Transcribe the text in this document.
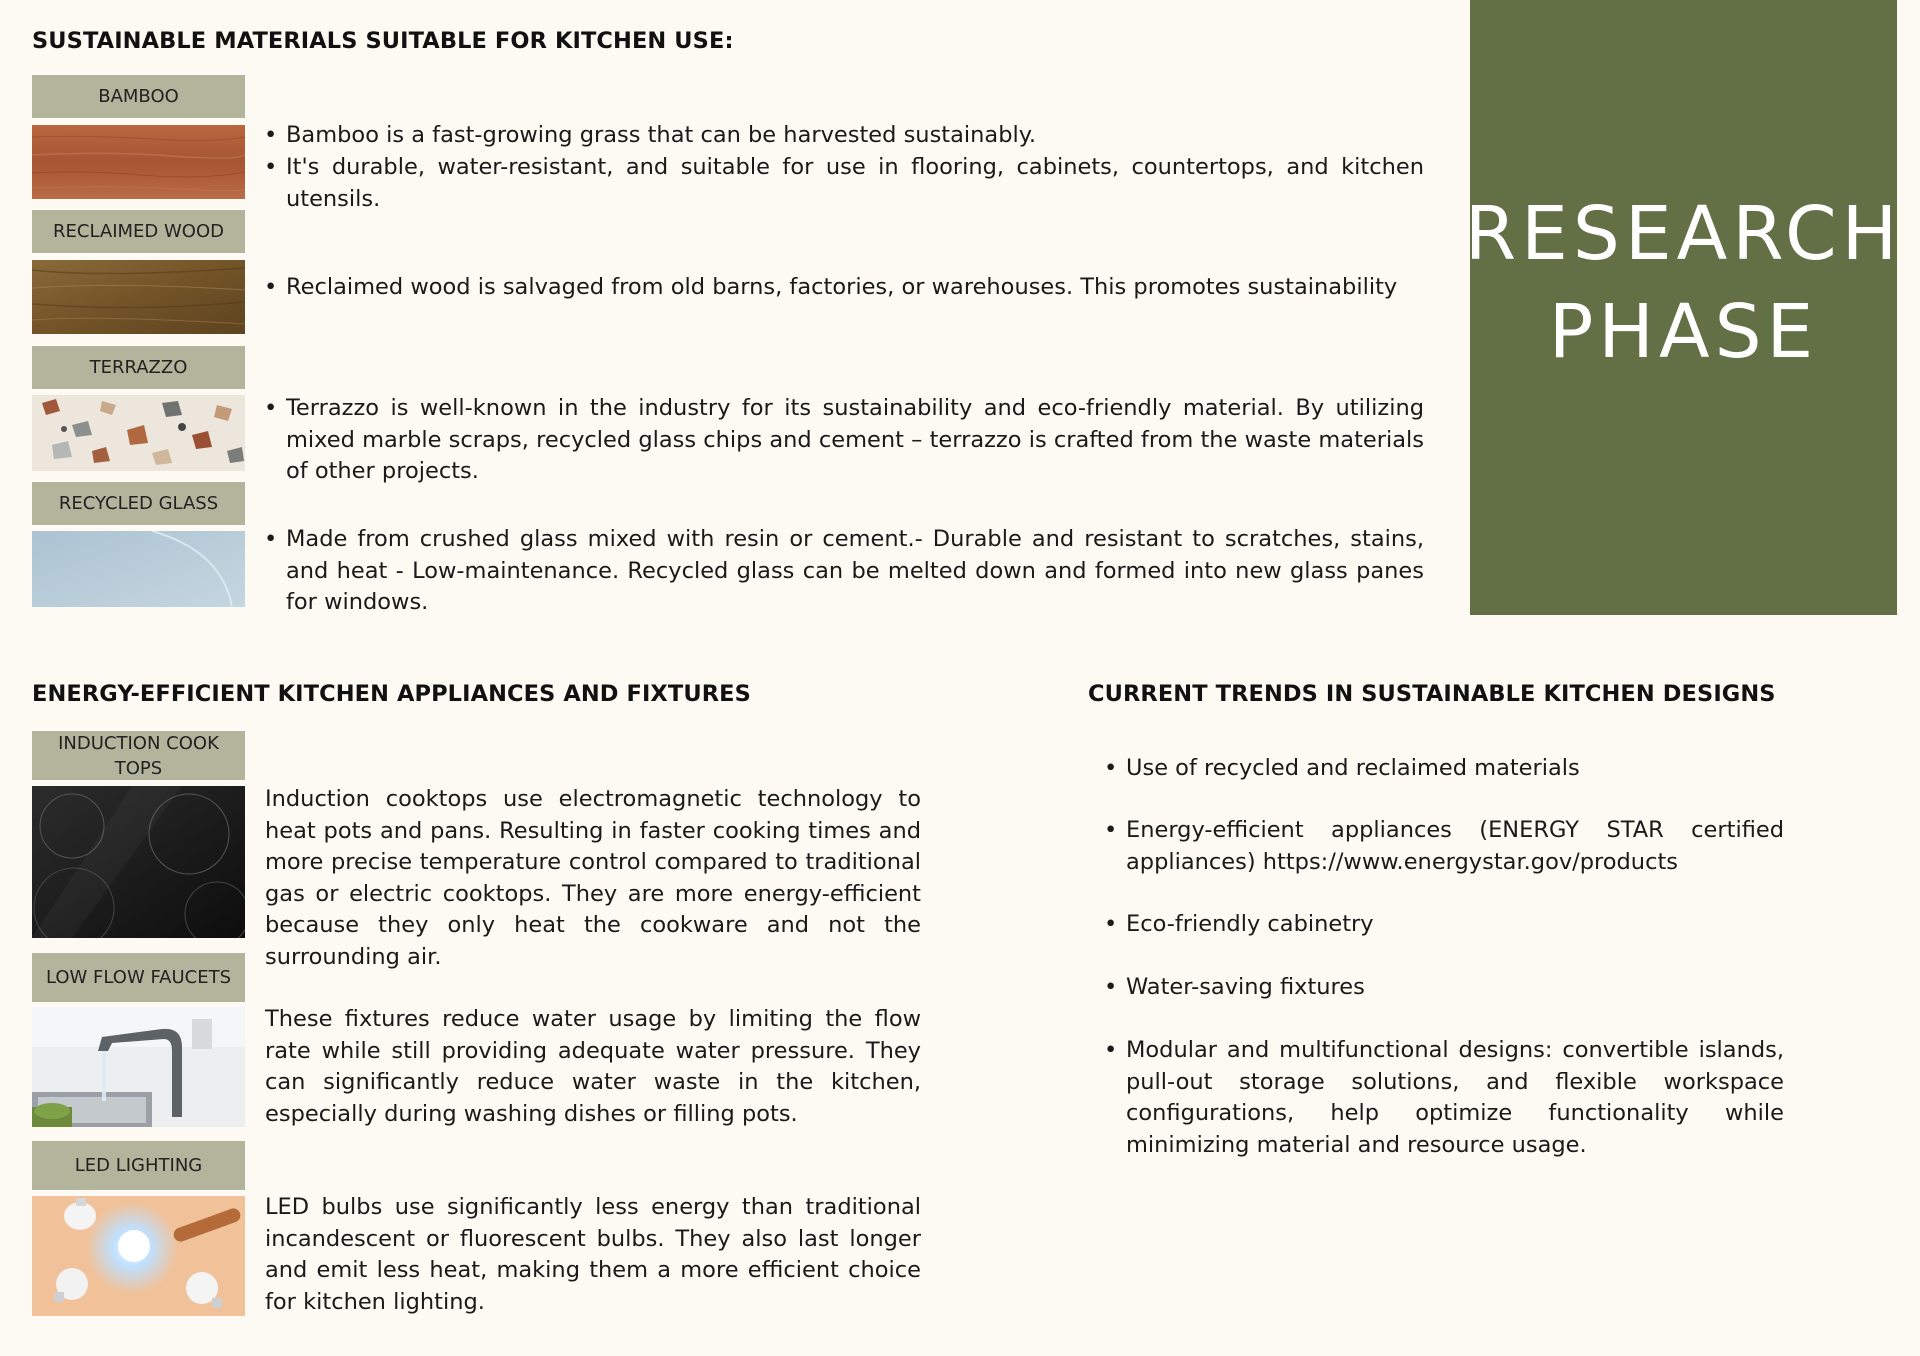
SUSTAINABLE MATERIALS SUITABLE FOR KITCHEN USE:
ENERGY-EFFICIENT KITCHEN APPLIANCES AND FIXTURES	CURRENT TRENDS IN SUSTAINABLE KITCHEN DESIGNS
RESEARCH
PHASE
BAMBOO
• Bamboo is a fast-growing grass that can be harvested sustainably.
• It's durable, water-resistant, and suitable for use in flooring, cabinets, countertops, and kitchen utensils.
RECLAIMED WOOD
• Reclaimed wood is salvaged from old barns, factories, or warehouses. This promotes sustainability
TERRAZZO
• Terrazzo is well-known in the industry for its sustainability and eco-friendly material. By utilizing mixed marble scraps, recycled glass chips and cement – terrazzo is crafted from the waste materials of other projects.
RECYCLED GLASS
• Made from crushed glass mixed with resin or cement.- Durable and resistant to scratches, stains, and heat - Low-maintenance. Recycled glass can be melted down and formed into new glass panes for windows.
INDUCTION COOK TOPS
Induction cooktops use electromagnetic technology to heat pots and pans. Resulting in faster cooking times and more precise temperature control compared to traditional gas or electric cooktops. They are more energy-efficient because they only heat the cookware and not the surrounding air.
LOW FLOW FAUCETS
These fixtures reduce water usage by limiting the flow rate while still providing adequate water pressure. They can significantly reduce water waste in the kitchen, especially during washing dishes or filling pots.
LED LIGHTING
LED bulbs use significantly less energy than traditional incandescent or fluorescent bulbs. They also last longer and emit less heat, making them a more efficient choice for kitchen lighting.
• Use of recycled and reclaimed materials
• Energy-efficient appliances (ENERGY STAR certified appliances) https://www.energystar.gov/products
• Eco-friendly cabinetry
• Water-saving fixtures
• Modular and multifunctional designs: convertible islands, pull-out storage solutions, and flexible workspace configurations, help optimize functionality while minimizing material and resource usage.
